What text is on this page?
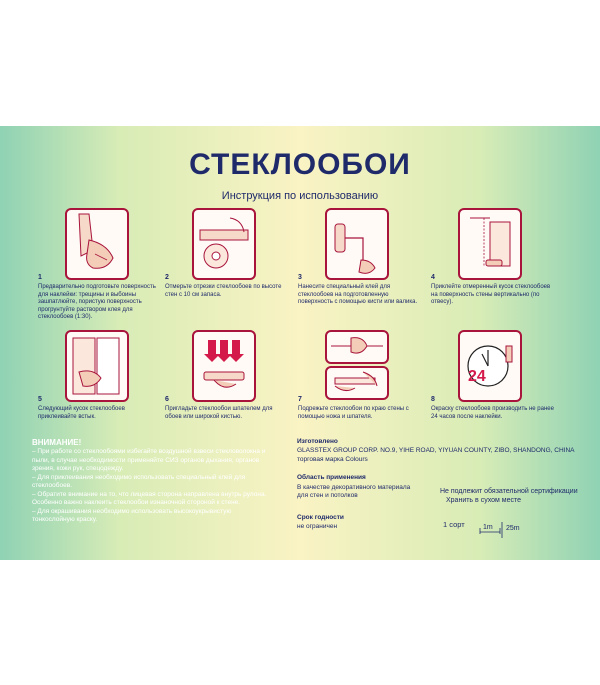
СТЕКЛООБОИ
Инструкция по использованию
1
Предварительно подготовьте поверхность для наклейки: трещины и выбоины зашпатлюйте, пористую поверхность прогрунтуйте раствором клея для стеклообоев (1:30).
2
Отмерьте отрезки стеклообоев по высоте стен с 10 см запаса.
3
Нанесите специальный клей для стеклообоев на подготовленную поверхность с помощью кисти или валика.
4
Приклейте отмеренный кусок стеклообоев на поверхность стены вертикально (по отвесу).
5
Следующий кусок стеклообоев приклеивайте встык.
6
Пригладьте стеклообои шпателем для обоев или широкой кистью.
7
Подрежьте стеклообои по краю стены с помощью ножа и шпателя.
24
8
Окраску стеклообоев производить не ранее 24 часов после наклейки.
ВНИМАНИЕ!
– При работе со стеклообоями избегайте воздушной взвеси стекловолокна и
пыли, в случае необходимости применяйте СИЗ органов дыхания, органов
зрения, кожи рук, спецодежду.
– Для приклеивания необходимо использовать специальный клей для
стеклообоев.
– Обратите внимание на то, что лицевая сторона направлена внутрь рулона.
Особенно важно наклеить стеклообои изнаночной стороной к стене.
– Для окрашивания необходимо использовать высокоукрывистую
тонкослойную краску.
Изготовлено
GLASSTEX GROUP CORP. NO.9, YIHE ROAD, YIYUAN COUNTY, ZIBO, SHANDONG, CHINA
торговая марка Colours
Область применения
В качестве декоративного материала
для стен и потолков
Срок годности
не ограничен
Не подлежит обязательной сертификации
Хранить в сухом месте
1 сорт	1m 25m
